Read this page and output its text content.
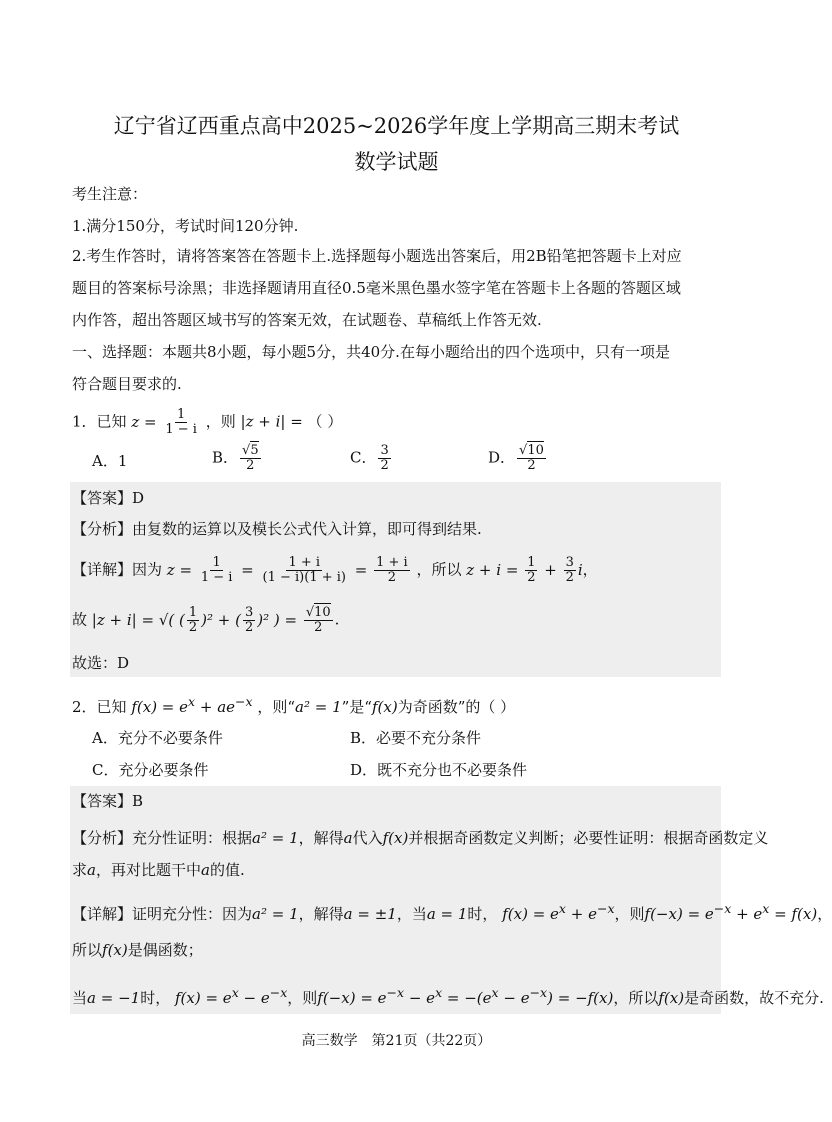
辽宁省辽西重点高中2025~2026学年度上学期高三期末考试
数学试题
考生注意：
1.满分150分，考试时间120分钟.
2.考生作答时，请将答案答在答题卡上.选择题每小题选出答案后，用2B铅笔把答题卡上对应
题目的答案标号涂黑；非选择题请用直径0.5毫米黑色墨水签字笔在答题卡上各题的答题区域
内作答，超出答题区域书写的答案无效，在试题卷、草稿纸上作答无效.
一、选择题：本题共8小题，每小题5分，共40分.在每小题给出的四个选项中，只有一项是
符合题目要求的.
1．已知 $z = \frac{1}{1 - i}$ ，则 |z + i| = （ ）
A．1	B． $\frac{√5}{2}$	C． $\frac{3}{2}$	D． $\frac{√10}{2}$
【答案】D
【分析】由复数的运算以及模长公式代入计算，即可得到结果.
【详解】因为 $z = \frac{1}{1 - i} = \frac{1 + i}{(1 - i)(1 + i)} = \frac{1 + i}{2}$ ，所以 $z + i = \frac{1}{2} + \frac{3}{2}$ i，
故 |z + i| = √( ( $\frac{1}{2} )^2$ + ( $\frac{3}{2} )^2$ ) = $\frac{√10}{2}$ .
故选：D
2．已知 $f(x) = e^x + ae^{-x}$ ，则“a² = 1”是“f(x)为奇函数”的（ ）
A．充分不必要条件	B．必要不充分条件
C．充分必要条件	D．既不充分也不必要条件
【答案】B
【分析】充分性证明：根据a² = 1，解得a代入f(x)并根据奇函数定义判断；必要性证明：根据奇函数定义
求a，再对比题干中a的值.
【详解】证明充分性：因为a² = 1，解得a = ±1，当a = 1时， $f(x) = e^x + e^{-x}$，则$f(-x) = e^{-x} + e^x = f(x)$，
所以f(x)是偶函数；
当a = −1时， $f(x) = e^x - e^{-x}$，则$f(-x) = e^{-x} - e^x = -(e^x - e^{-x}) = -f(x)$，所以f(x)是奇函数，故不充分.
高三数学　第21页（共22页）
